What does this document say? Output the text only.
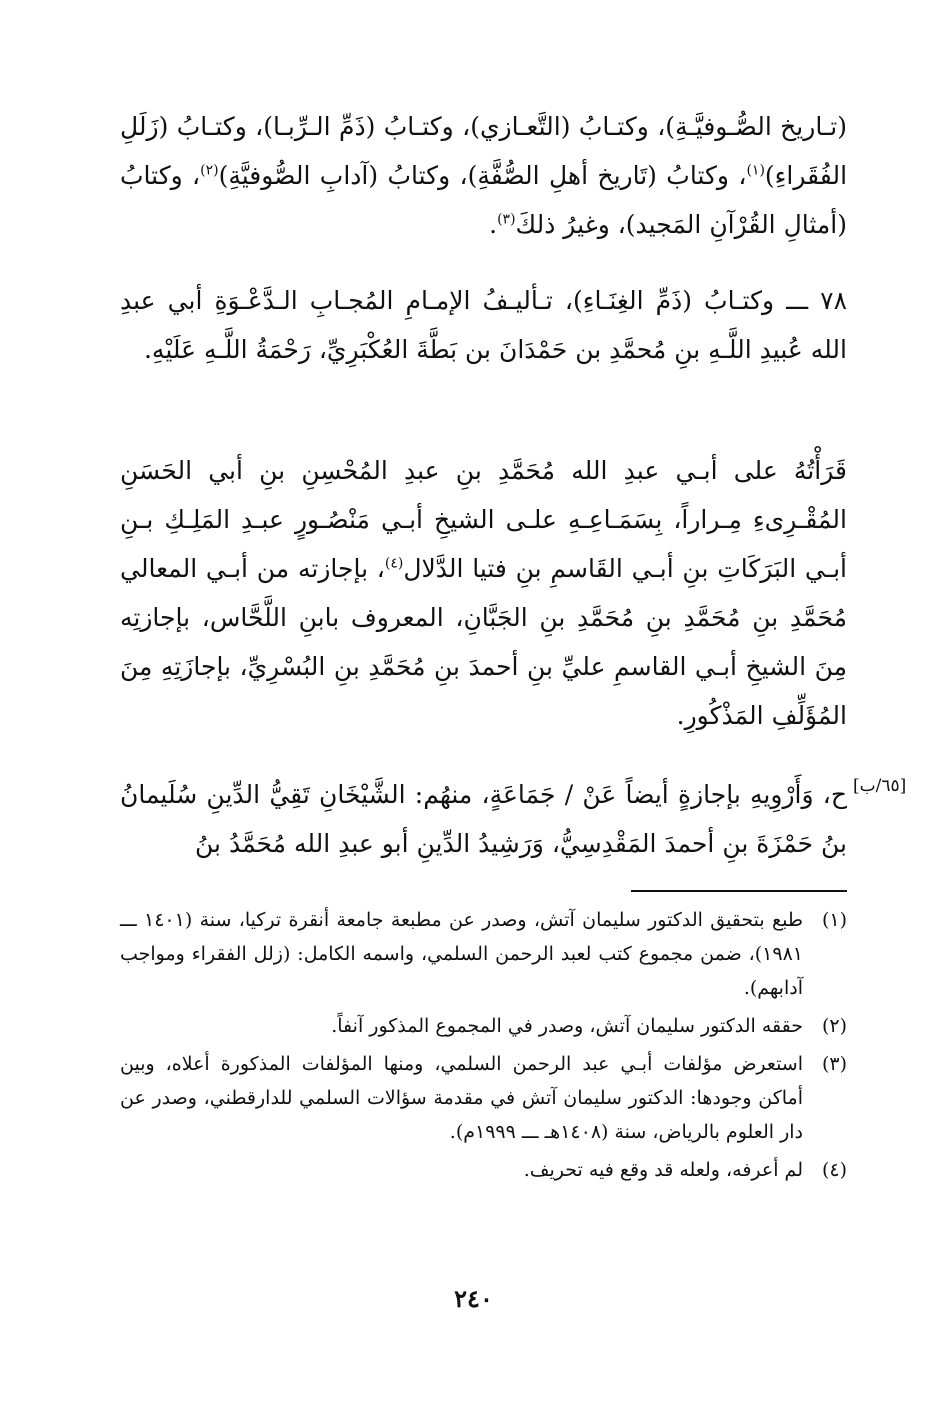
(تـاريخ الصُّـوفيَّـةِ)، وكتـابُ (التَّعـازي)، وكتـابُ (ذَمِّ الـرِّبـا)، وكتـابُ (زَلَلِ الفُقَراءِ)$^{(١)}$، وكتابُ (تَاريخ أهلِ الصُّفَّةِ)، وكتابُ (آدابِ الصُّوفيَّةِ)$^{(٢)}$، وكتابُ (أمثالِ القُرْآنِ المَجيد)، وغيرُ ذلكَ$^{(٣)}$.

٧٨ ـــ وكتـابُ (ذَمِّ الغِنَـاءِ)، تـأليـفُ الإمـامِ المُجـابِ الـدَّعْـوَةِ أبي عبدِ الله عُبيدِ اللَّـهِ بنِ مُحمَّدِ بن حَمْدَانَ بن بَطَّةَ العُكْبَرِيِّ، رَحْمَةُ اللَّـهِ عَلَيْهِ.

قَرَأْتُهُ على أبـي عبدِ الله مُحَمَّدِ بنِ عبدِ المُحْسِنِ بنِ أبي الحَسَنِ المُقْـرِىءِ مِـراراً، بِسَمَـاعِـهِ علـى الشيخِ أبـي مَنْصُـورٍ عبـدِ المَلِـكِ بـنِ أبـي البَرَكَاتِ بنِ أبـي القَاسمِ بنِ فتيا الدَّلال$^{(٤)}$، بإجازته من أبـي المعالي مُحَمَّدِ بنِ مُحَمَّدِ بنِ مُحَمَّدِ بنِ الجَبَّانِ، المعروف بابنِ اللَّحَّاس، بإجازتِه مِنَ الشيخِ أبـي القاسمِ عليِّ بنِ أحمدَ بنِ مُحَمَّدِ بنِ البُسْرِيِّ، بإجازَتِهِ مِنَ المُؤَلِّفِ المَذْكُورِ.

ح، وَأَرْوِيهِ بإجازةٍ أيضاً عَنْ / جَمَاعَةٍ، منهُم: الشَّيْخَانِ تَقِيُّ الدِّينِ سُلَيمانُ بنُ حَمْزَةَ بنِ أحمدَ المَقْدِسِيُّ، وَرَشِيدُ الدِّينِ أبو عبدِ الله مُحَمَّدُ بنُ

[٦٥/ب]
(١)
طبع بتحقيق الدكتور سليمان آتش، وصدر عن مطبعة جامعة أنقرة تركيا، سنة (١٤٠١ ـــ ١٩٨١)، ضمن مجموع كتب لعبد الرحمن السلمي، واسمه الكامل: (زلل الفقراء ومواجب آدابهم).
(٢)
حققه الدكتور سليمان آتش، وصدر في المجموع المذكور آنفاً.
(٣)
استعرض مؤلفات أبـي عبد الرحمن السلمي، ومنها المؤلفات المذكورة أعلاه، وبين أماكن وجودها: الدكتور سليمان آتش في مقدمة سؤالات السلمي للدارقطني، وصدر عن دار العلوم بالرياض، سنة (١٤٠٨هـ ـــ ١٩٩٩م).
(٤)
لم أعرفه، ولعله قد وقع فيه تحريف.
٢٤٠
